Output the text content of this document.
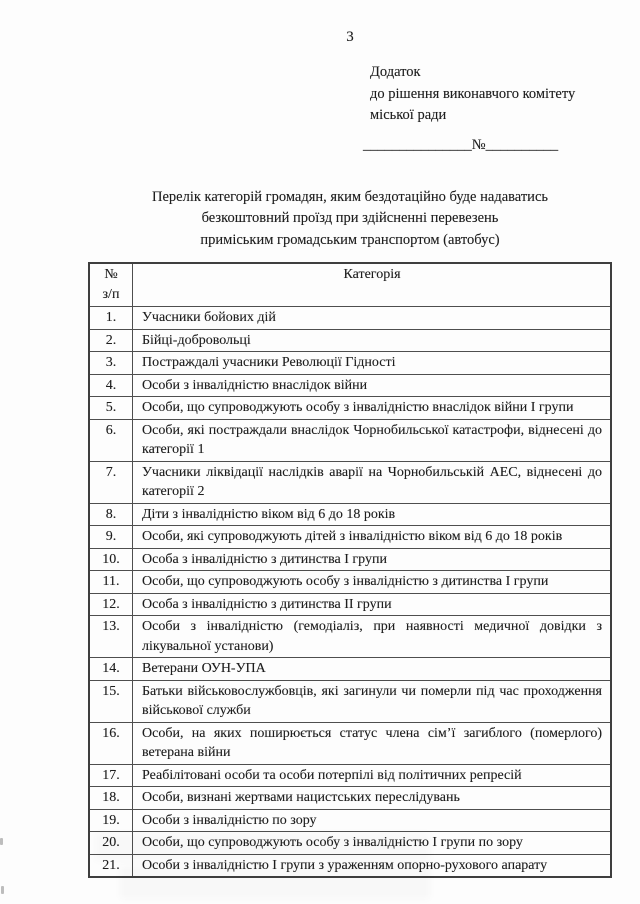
3
Додаток
до рішення виконавчого комітету
міської ради
_______________№__________
Перелік категорій громадян, яким бездотаційно буде надаватись
безкоштовний проїзд при здійсненні перевезень
приміським громадським транспортом (автобус)
№
з/п	Категорія
1.	Учасники бойових дій
2.	Бійці-добровольці
3.	Постраждалі учасники Революції Гідності
4.	Особи з інвалідністю внаслідок війни
5.	Особи, що супроводжують особу з інвалідністю внаслідок війни І групи
6.	Особи, які постраждали внаслідок Чорнобильської катастрофи, віднесені до категорії 1
7.	Учасники ліквідації наслідків аварії на Чорнобильській АЕС, віднесені до категорії 2
8.	Діти з інвалідністю віком від 6 до 18 років
9.	Особи, які супроводжують дітей з інвалідністю віком від 6 до 18 років
10.	Особа з інвалідністю з дитинства І групи
11.	Особи, що супроводжують особу з інвалідністю з дитинства І групи
12.	Особа з інвалідністю з дитинства ІІ групи
13.	Особи з інвалідністю (гемодіаліз, при наявності медичної довідки з лікувальної установи)
14.	Ветерани ОУН-УПА
15.	Батьки військовослужбовців, які загинули чи померли під час проходження військової служби
16.	Особи, на яких поширюється статус члена сім’ї загиблого (померлого) ветерана війни
17.	Реабілітовані особи та особи потерпілі від політичних репресій
18.	Особи, визнані жертвами нацистських переслідувань
19.	Особи з інвалідністю по зору
20.	Особи, що супроводжують особу з інвалідністю І групи по зору
21.	Особи з інвалідністю І групи з ураженням опорно-рухового апарату
